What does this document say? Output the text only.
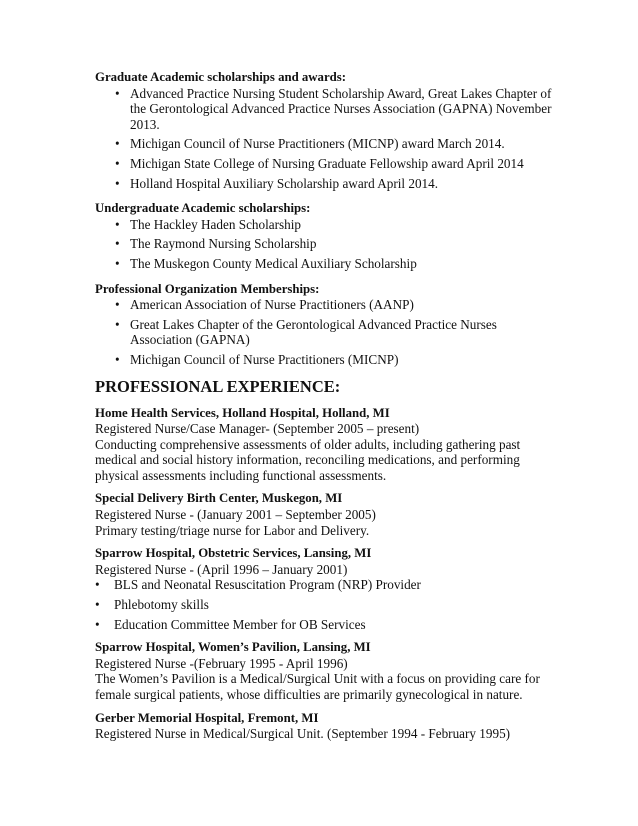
Graduate Academic scholarships and awards:

• Advanced Practice Nursing Student Scholarship Award, Great Lakes Chapter of the Gerontological Advanced Practice Nurses Association (GAPNA) November 2013.
• Michigan Council of Nurse Practitioners (MICNP) award March 2014.
• Michigan State College of Nursing Graduate Fellowship award April 2014
• Holland Hospital Auxiliary Scholarship award April 2014.

Undergraduate Academic scholarships:

• The Hackley Haden Scholarship
• The Raymond Nursing Scholarship
• The Muskegon County Medical Auxiliary Scholarship

Professional Organization Memberships:

• American Association of Nurse Practitioners (AANP)
• Great Lakes Chapter of the Gerontological Advanced Practice Nurses Association (GAPNA)
• Michigan Council of Nurse Practitioners (MICNP)
PROFESSIONAL EXPERIENCE:
Home Health Services, Holland Hospital, Holland, MI

Registered Nurse/Case Manager- (September 2005 – present)

Conducting comprehensive assessments of older adults, including gathering past medical and social history information, reconciling medications, and performing physical assessments including functional assessments.

Special Delivery Birth Center, Muskegon, MI

Registered Nurse - (January 2001 – September 2005)

Primary testing/triage nurse for Labor and Delivery.

Sparrow Hospital, Obstetric Services, Lansing, MI

Registered Nurse - (April 1996 – January 2001)

• BLS and Neonatal Resuscitation Program (NRP) Provider
• Phlebotomy skills
• Education Committee Member for OB Services
Sparrow Hospital, Women’s Pavilion, Lansing, MI

Registered Nurse -(February 1995 - April 1996)

The Women’s Pavilion is a Medical/Surgical Unit with a focus on providing care for female surgical patients, whose difficulties are primarily gynecological in nature.

Gerber Memorial Hospital, Fremont, MI

Registered Nurse in Medical/Surgical Unit. (September 1994 - February 1995)
